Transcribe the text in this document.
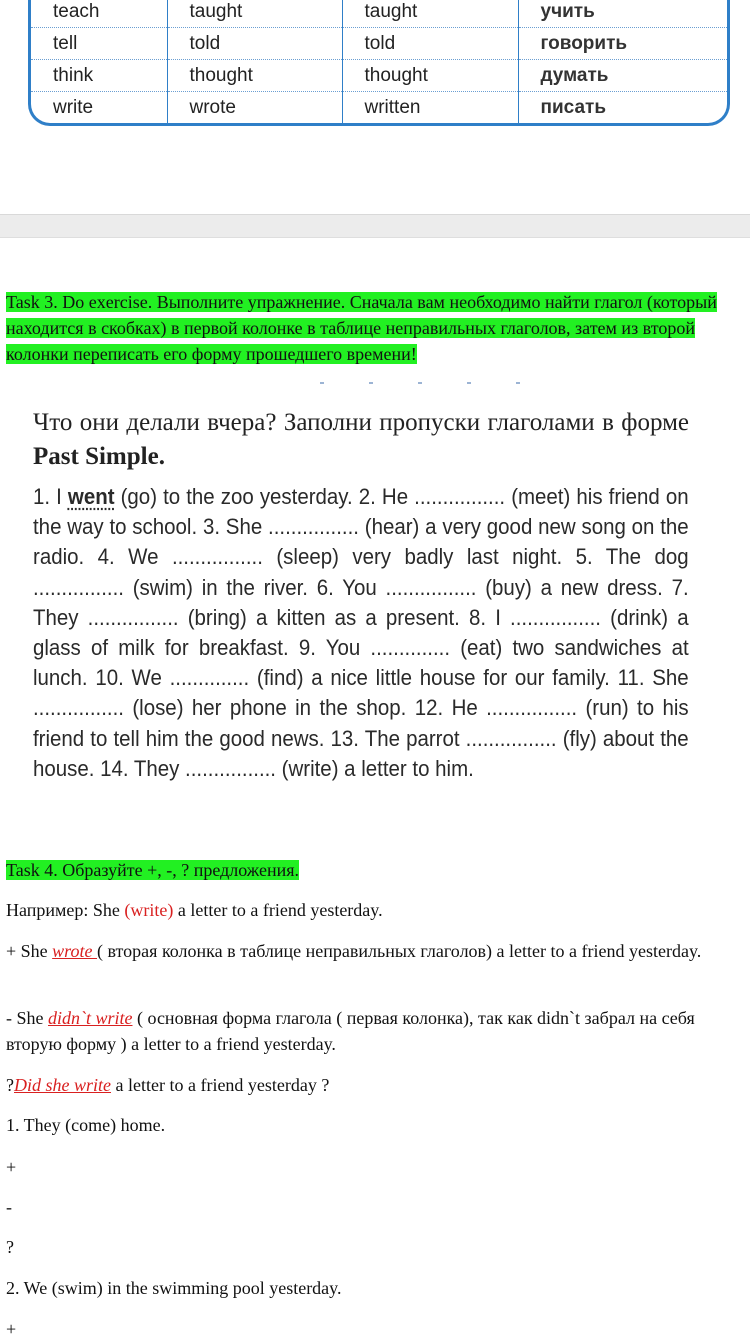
teach	taught	taught	учить
tell	told	told	говорить
think	thought	thought	думать
write	wrote	written	писать
Task 3. Do exercise. Выполните упражнение. Сначала вам необходимо найти глагол (который находится в скобках) в первой колонке в таблице неправильных глаголов, затем из второй колонки переписать его форму прошедшего времени!
Что они делали вчера? Заполни пропуски глаголами в форме Past Simple.
1. I went (go) to the zoo yesterday. 2. He ................ (meet) his friend on the way to school. 3. She ................ (hear) a very good new song on the radio. 4. We ................ (sleep) very badly last night. 5. The dog ................ (swim) in the river. 6. You ................ (buy) a new dress. 7. They ................ (bring) a kitten as a present. 8. I ................ (drink) a glass of milk for breakfast. 9. You .............. (eat) two sandwiches at lunch. 10. We .............. (find) a nice little house for our family. 11. She ................ (lose) her phone in the shop. 12. He ................ (run) to his friend to tell him the good news. 13. The parrot ................ (fly) about the house. 14. They ................ (write) a letter to him.
Task 4. Образуйте +, -, ? предложения.
Например: She (write) a letter to a friend yesterday.
+ She wrote ( вторая колонка в таблице неправильных глаголов) a letter to a friend yesterday.
- She didn`t write ( основная форма глагола ( первая колонка), так как didn`t забрал на себя вторую форму ) a letter to a friend yesterday.
?Did she write a letter to a friend yesterday ?
1. They (come) home.
+
-
?
2. We (swim) in the swimming pool yesterday.
+
